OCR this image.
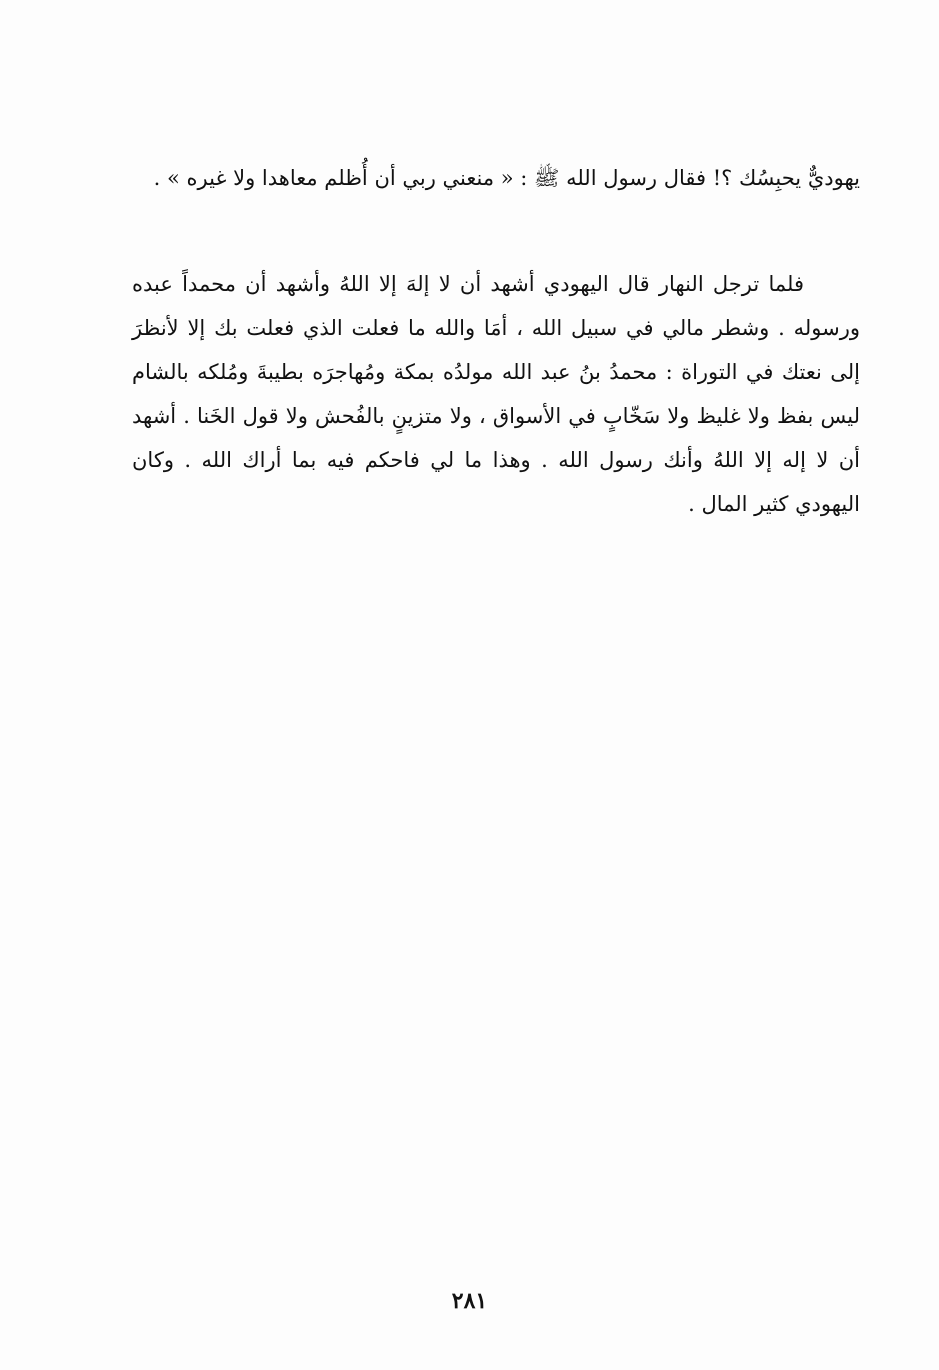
يهوديٌّ يحبِسُك ؟! فقال رسول الله ﷺ : « منعني ربي أن أُظلم معاهدا ولا غيره » .

فلما ترجل النهار قال اليهودي أشهد أن لا إلهَ إلا اللهُ وأشهد أن محمداً عبده ورسوله . وشطر مالي في سبيل الله ، أمَا والله ما فعلت الذي فعلت بك إلا لأنظرَ إلى نعتك في التوراة : محمدُ بنُ عبد الله مولدُه بمكة ومُهاجرَه بطيبةَ ومُلكه بالشام ليس بفظ ولا غليظ ولا سَخّابٍ في الأسواق ، ولا متزينٍ بالفُحش ولا قول الخَنا . أشهد أن لا إله إلا اللهُ وأنك رسول الله . وهذا ما لي فاحكم فيه بما أراك الله . وكان اليهودي كثير المال .

٢٨١
